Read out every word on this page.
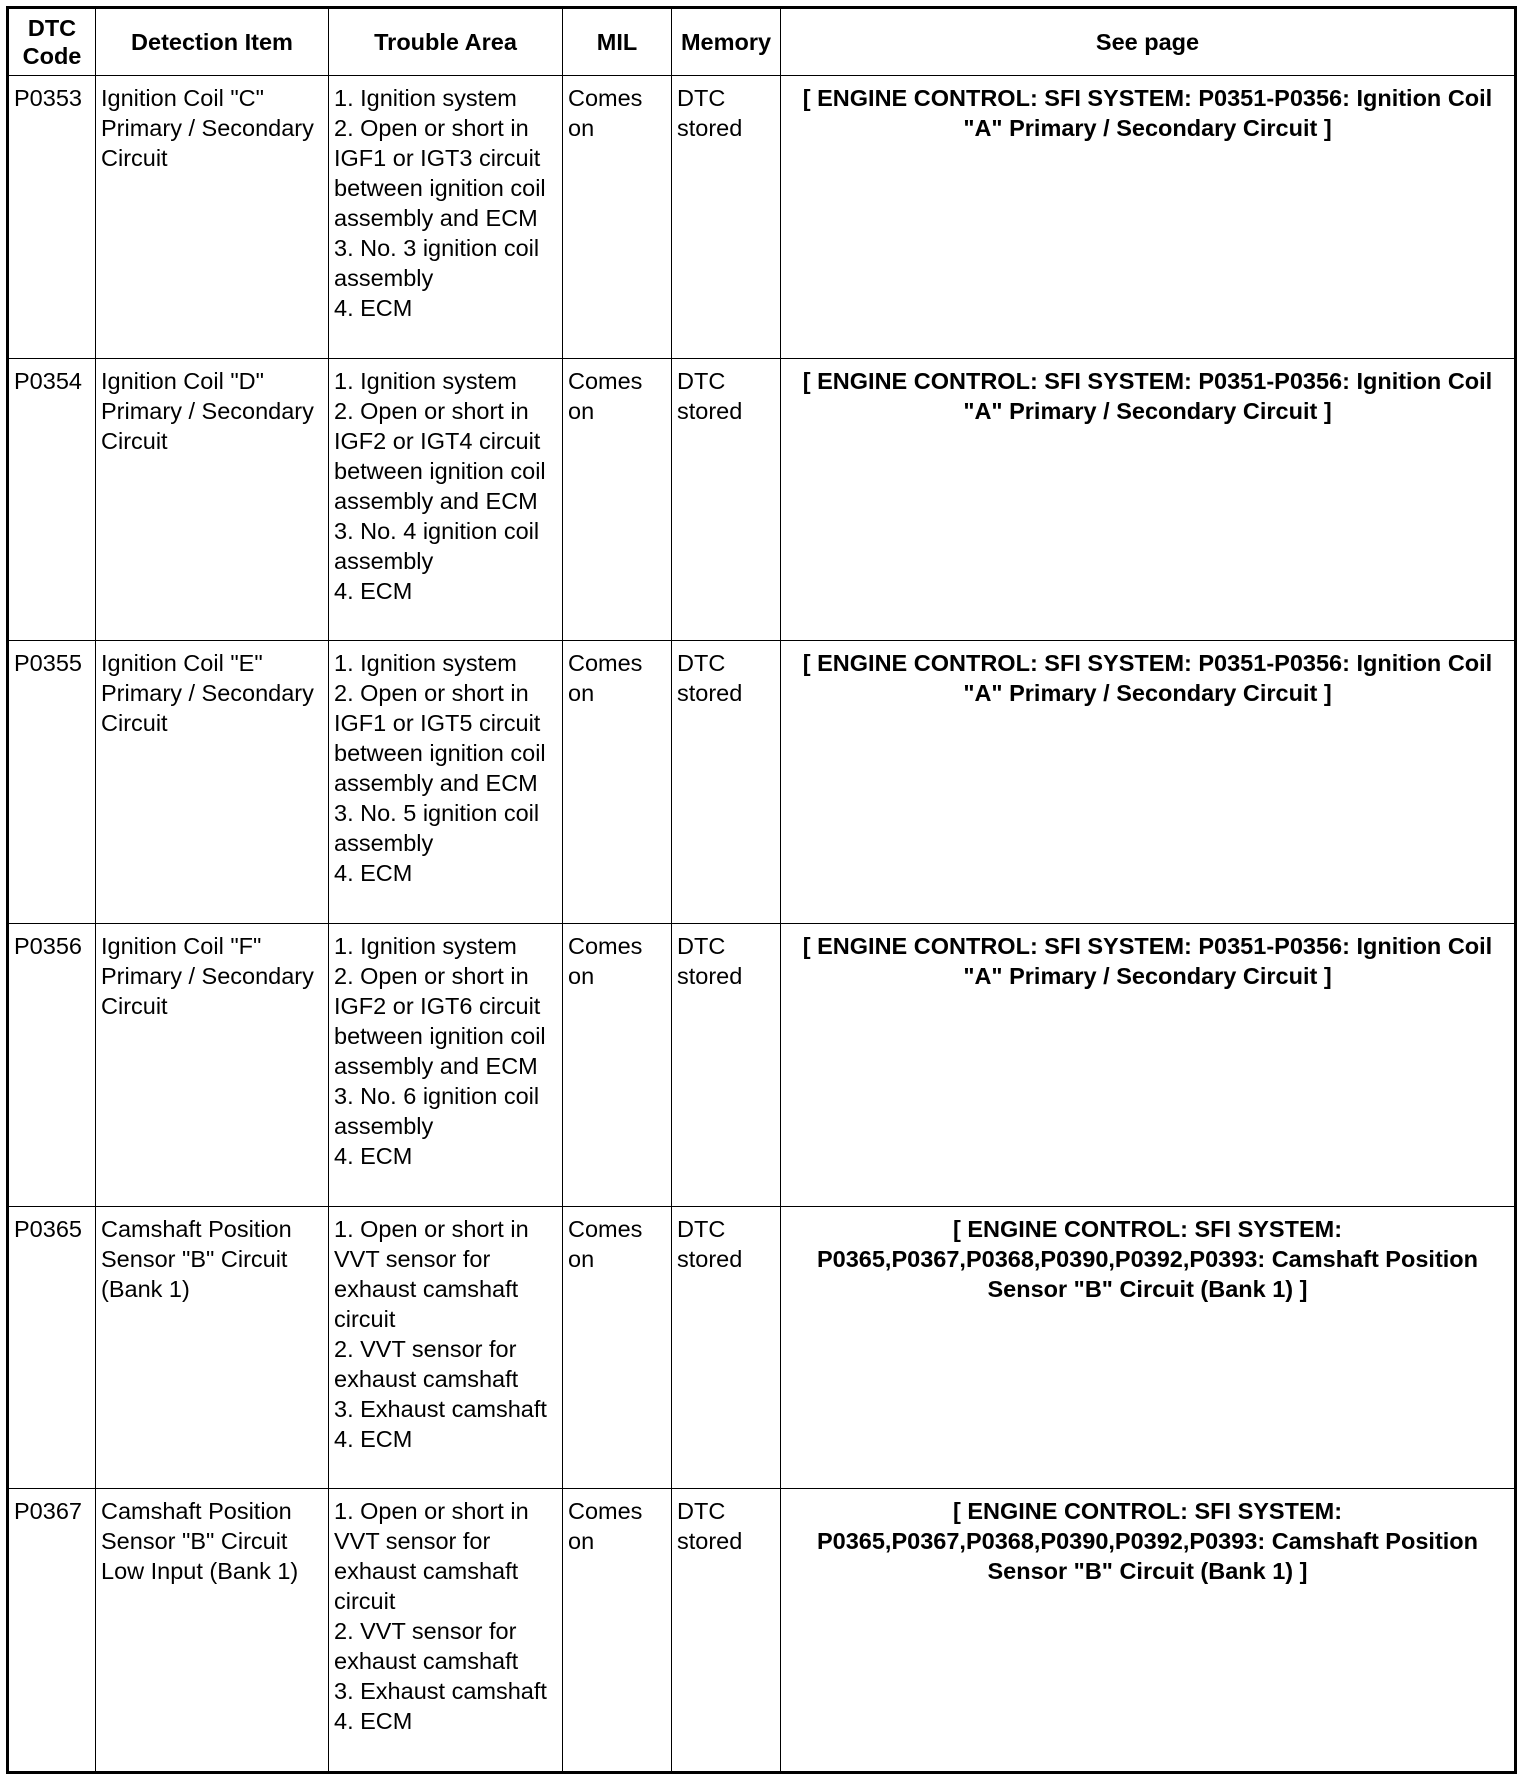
DTC
Code	Detection Item	Trouble Area	MIL	Memory	See page
P0353	Ignition Coil "C" Primary / Secondary Circuit	1. Ignition system
2. Open or short in IGF1 or IGT3 circuit between ignition coil assembly and ECM
3. No. 3 ignition coil assembly
4. ECM	Comes on	DTC stored	[ ENGINE CONTROL: SFI SYSTEM: P0351-P0356: Ignition Coil "A" Primary / Secondary Circuit ]
P0354	Ignition Coil "D" Primary / Secondary Circuit	1. Ignition system
2. Open or short in IGF2 or IGT4 circuit between ignition coil assembly and ECM
3. No. 4 ignition coil assembly
4. ECM	Comes on	DTC stored	[ ENGINE CONTROL: SFI SYSTEM: P0351-P0356: Ignition Coil "A" Primary / Secondary Circuit ]
P0355	Ignition Coil "E" Primary / Secondary Circuit	1. Ignition system
2. Open or short in IGF1 or IGT5 circuit between ignition coil assembly and ECM
3. No. 5 ignition coil assembly
4. ECM	Comes on	DTC stored	[ ENGINE CONTROL: SFI SYSTEM: P0351-P0356: Ignition Coil "A" Primary / Secondary Circuit ]
P0356	Ignition Coil "F" Primary / Secondary Circuit	1. Ignition system
2. Open or short in IGF2 or IGT6 circuit between ignition coil assembly and ECM
3. No. 6 ignition coil assembly
4. ECM	Comes on	DTC stored	[ ENGINE CONTROL: SFI SYSTEM: P0351-P0356: Ignition Coil "A" Primary / Secondary Circuit ]
P0365	Camshaft Position Sensor "B" Circuit (Bank 1)	1. Open or short in VVT sensor for exhaust camshaft circuit
2. VVT sensor for exhaust camshaft
3. Exhaust camshaft
4. ECM	Comes on	DTC stored	[ ENGINE CONTROL: SFI SYSTEM: P0365,P0367,P0368,P0390,P0392,P0393: Camshaft Position Sensor "B" Circuit (Bank 1) ]
P0367	Camshaft Position Sensor "B" Circuit Low Input (Bank 1)	1. Open or short in VVT sensor for exhaust camshaft circuit
2. VVT sensor for exhaust camshaft
3. Exhaust camshaft
4. ECM	Comes on	DTC stored	[ ENGINE CONTROL: SFI SYSTEM: P0365,P0367,P0368,P0390,P0392,P0393: Camshaft Position Sensor "B" Circuit (Bank 1) ]
